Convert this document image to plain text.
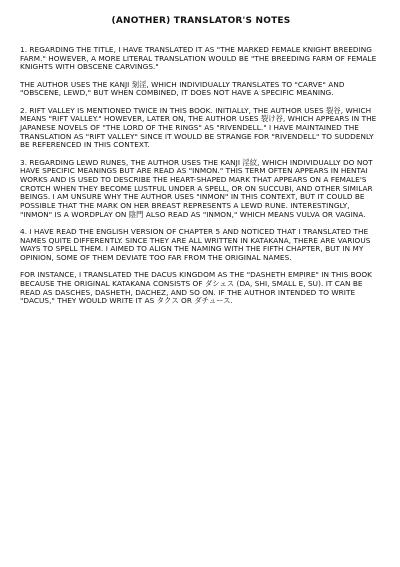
(ANOTHER) TRANSLATOR'S NOTES

1. REGARDING THE TITLE, I HAVE TRANSLATED IT AS "THE MARKED FEMALE KNIGHT BREEDING FARM." HOWEVER, A MORE LITERAL TRANSLATION WOULD BE "THE BREEDING FARM OF FEMALE KNIGHTS WITH OBSCENE CARVINGS."

THE AUTHOR USES THE KANJI 刻淫, WHICH INDIVIDUALLY TRANSLATES TO "CARVE" AND "OBSCENE, LEWD," BUT WHEN COMBINED, IT DOES NOT HAVE A SPECIFIC MEANING.

2. RIFT VALLEY IS MENTIONED TWICE IN THIS BOOK. INITIALLY, THE AUTHOR USES 裂谷, WHICH MEANS "RIFT VALLEY." HOWEVER, LATER ON, THE AUTHOR USES 裂け谷, WHICH APPEARS IN THE JAPANESE NOVELS OF "THE LORD OF THE RINGS" AS "RIVENDELL." I HAVE MAINTAINED THE TRANSLATION AS "RIFT VALLEY" SINCE IT WOULD BE STRANGE FOR "RIVENDELL" TO SUDDENLY BE REFERENCED IN THIS CONTEXT.

3. REGARDING LEWD RUNES, THE AUTHOR USES THE KANJI 淫紋, WHICH INDIVIDUALLY DO NOT HAVE SPECIFIC MEANINGS BUT ARE READ AS "INMON." THIS TERM OFTEN APPEARS IN HENTAI WORKS AND IS USED TO DESCRIBE THE HEART-SHAPED MARK THAT APPEARS ON A FEMALE'S CROTCH WHEN THEY BECOME LUSTFUL UNDER A SPELL, OR ON SUCCUBI, AND OTHER SIMILAR BEINGS. I AM UNSURE WHY THE AUTHOR USES "INMON" IN THIS CONTEXT, BUT IT COULD BE POSSIBLE THAT THE MARK ON HER BREAST REPRESENTS A LEWD RUNE. INTERESTINGLY, "INMON" IS A WORDPLAY ON 陰門 ALSO READ AS "INMON," WHICH MEANS VULVA OR VAGINA.

4. I HAVE READ THE ENGLISH VERSION OF CHAPTER 5 AND NOTICED THAT I TRANSLATED THE NAMES QUITE DIFFERENTLY. SINCE THEY ARE ALL WRITTEN IN KATAKANA, THERE ARE VARIOUS WAYS TO SPELL THEM. I AIMED TO ALIGN THE NAMING WITH THE FIFTH CHAPTER, BUT IN MY OPINION, SOME OF THEM DEVIATE TOO FAR FROM THE ORIGINAL NAMES.

FOR INSTANCE, I TRANSLATED THE DACUS KINGDOM AS THE "DASHETH EMPIRE" IN THIS BOOK BECAUSE THE ORIGINAL KATAKANA CONSISTS OF ダシェス (DA, SHI, SMALL E, SU). IT CAN BE READ AS DASCHES, DASHETH, DACHEZ, AND SO ON. IF THE AUTHOR INTENDED TO WRITE "DACUS," THEY WOULD WRITE IT AS タクス OR ダチュース.
